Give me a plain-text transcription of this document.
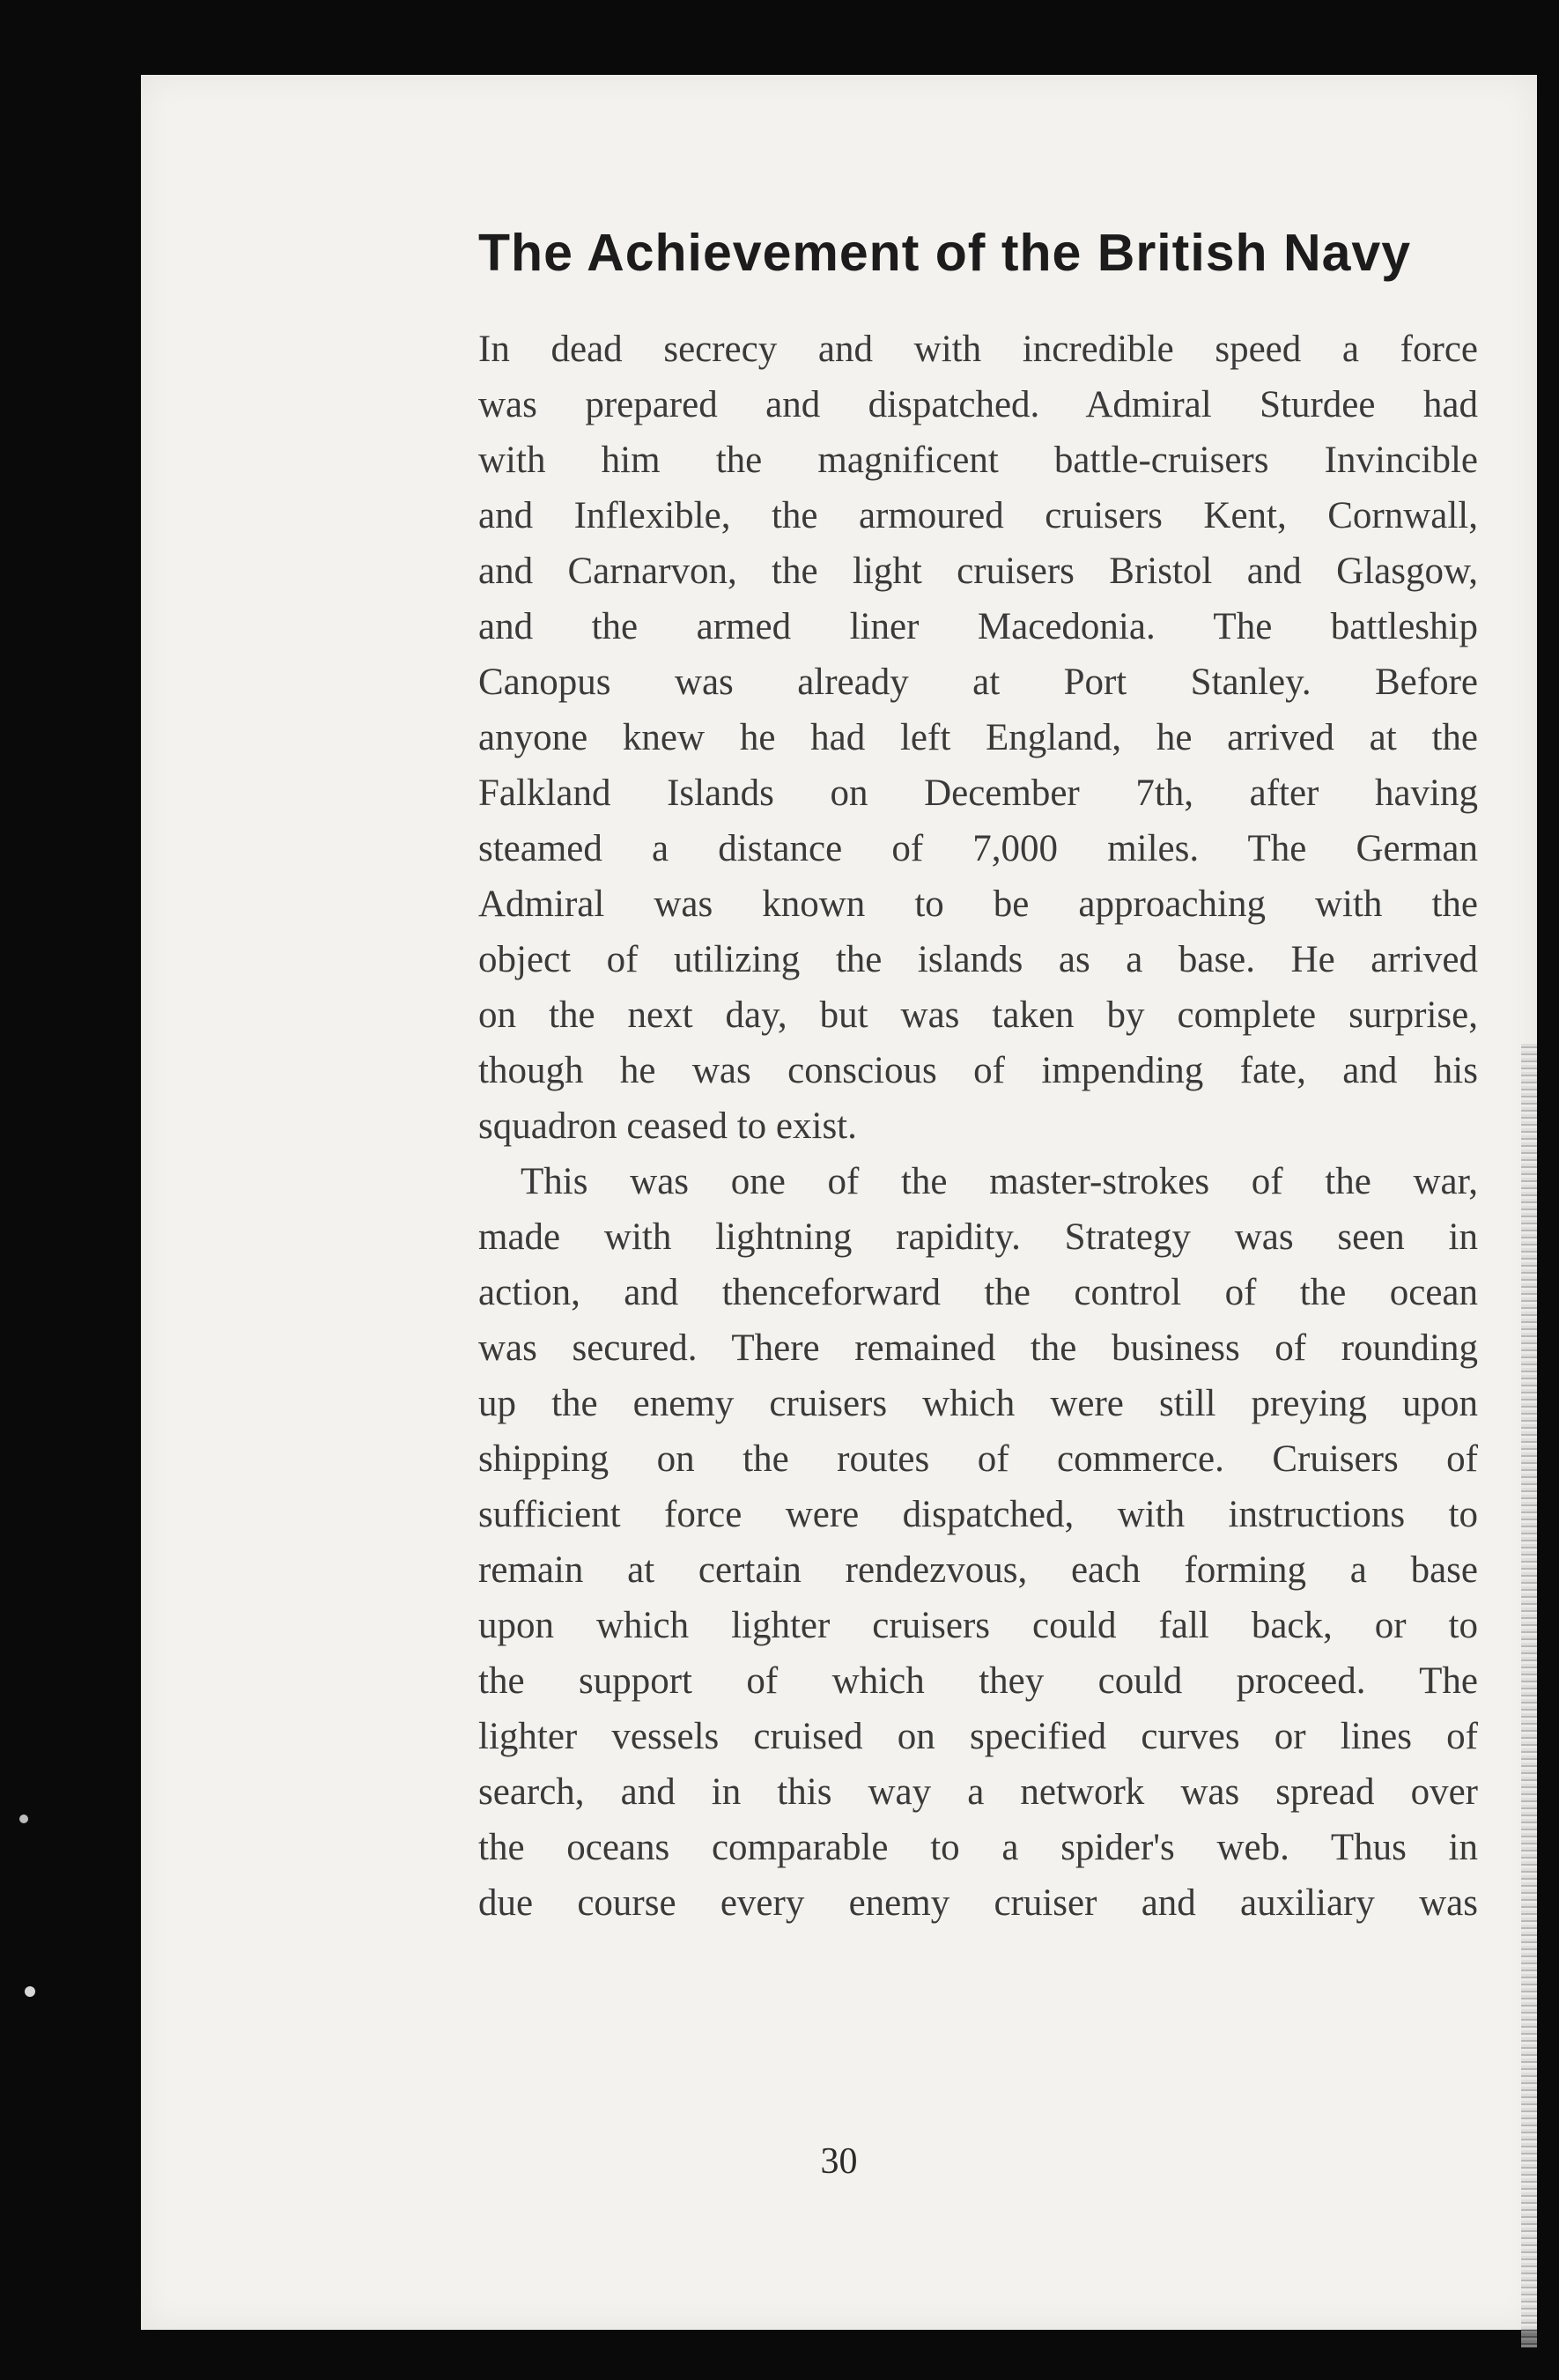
The Achievement of the British Navy
In dead secrecy and with incredible speed a force
was prepared and dispatched. Admiral Sturdee had
with him the magnificent battle-cruisers Invincible
and Inflexible, the armoured cruisers Kent, Cornwall,
and Carnarvon, the light cruisers Bristol and Glasgow,
and the armed liner Macedonia. The battleship
Canopus was already at Port Stanley. Before
anyone knew he had left England, he arrived at the
Falkland Islands on December 7th, after having
steamed a distance of 7,000 miles. The German
Admiral was known to be approaching with the
object of utilizing the islands as a base. He arrived
on the next day, but was taken by complete surprise,
though he was conscious of impending fate, and his
squadron ceased to exist.
This was one of the master-strokes of the war,
made with lightning rapidity. Strategy was seen in
action, and thenceforward the control of the ocean
was secured. There remained the business of rounding
up the enemy cruisers which were still preying upon
shipping on the routes of commerce. Cruisers of
sufficient force were dispatched, with instructions to
remain at certain rendezvous, each forming a base
upon which lighter cruisers could fall back, or to
the support of which they could proceed. The
lighter vessels cruised on specified curves or lines of
search, and in this way a network was spread over
the oceans comparable to a spider's web. Thus in
due course every enemy cruiser and auxiliary was
30
